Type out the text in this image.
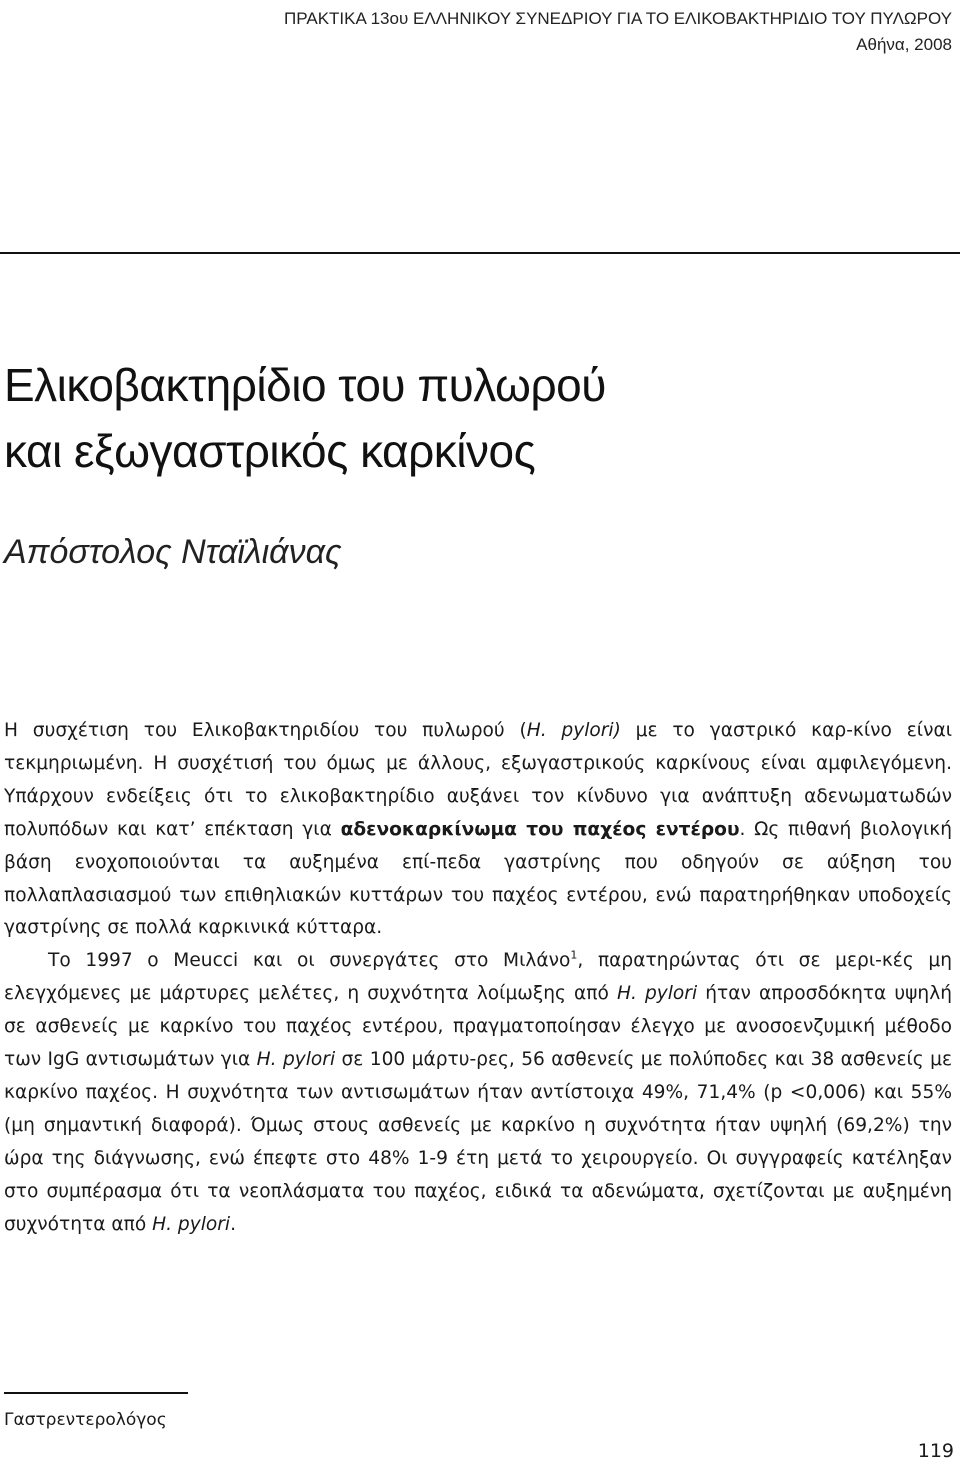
ΠΡΑΚΤΙΚΑ 13ου ΕΛΛΗΝΙΚΟΥ ΣΥΝΕΔΡΙΟΥ ΓΙΑ ΤΟ ΕΛΙΚΟΒΑΚΤΗΡΙΔΙΟ ΤΟΥ ΠΥΛΩΡΟΥ
Αθήνα, 2008
Ελικοβακτηρίδιο του πυλωρού
και εξωγαστρικός καρκίνος
Απόστολος Νταϊλιάνας

Η συσχέτιση του Ελικοβακτηριδίου του πυλωρού (H. pylori) με το γαστρικό καρ-κίνο είναι τεκμηριωμένη. Η συσχέτισή του όμως με άλλους, εξωγαστρικούς καρκίνους είναι αμφιλεγόμενη. Υπάρχουν ενδείξεις ότι το ελικοβακτηρίδιο αυξάνει τον κίνδυνο για ανάπτυξη αδενωματωδών πολυπόδων και κατ’ επέκταση για αδενοκαρκίνωμα του παχέος εντέρου. Ως πιθανή βιολογική βάση ενοχοποιούνται τα αυξημένα επί-πεδα γαστρίνης που οδηγούν σε αύξηση του πολλαπλασιασμού των επιθηλιακών κυττάρων του παχέος εντέρου, ενώ παρατηρήθηκαν υποδοχείς γαστρίνης σε πολλά καρκινικά κύτταρα.

Το 1997 ο Meucci και οι συνεργάτες στο Μιλάνο$^1$, παρατηρώντας ότι σε μερι-κές μη ελεγχόμενες με μάρτυρες μελέτες, η συχνότητα λοίμωξης από H. pylori ήταν απροσδόκητα υψηλή σε ασθενείς με καρκίνο του παχέος εντέρου, πραγματοποίησαν έλεγχο με ανοσοενζυμική μέθοδο των IgG αντισωμάτων για H. pylori σε 100 μάρτυ-ρες, 56 ασθενείς με πολύποδες και 38 ασθενείς με καρκίνο παχέος. Η συχνότητα των αντισωμάτων ήταν αντίστοιχα 49%, 71,4% (p <0,006) και 55% (μη σημαντική διαφορά). Όμως στους ασθενείς με καρκίνο η συχνότητα ήταν υψηλή (69,2%) την ώρα της διάγνωσης, ενώ έπεφτε στο 48% 1-9 έτη μετά το χειρουργείο. Οι συγγραφείς κατέληξαν στο συμπέρασμα ότι τα νεοπλάσματα του παχέος, ειδικά τα αδενώματα, σχετίζονται με αυξημένη συχνότητα από H. pylori.

Γαστρεντερολόγος
119
